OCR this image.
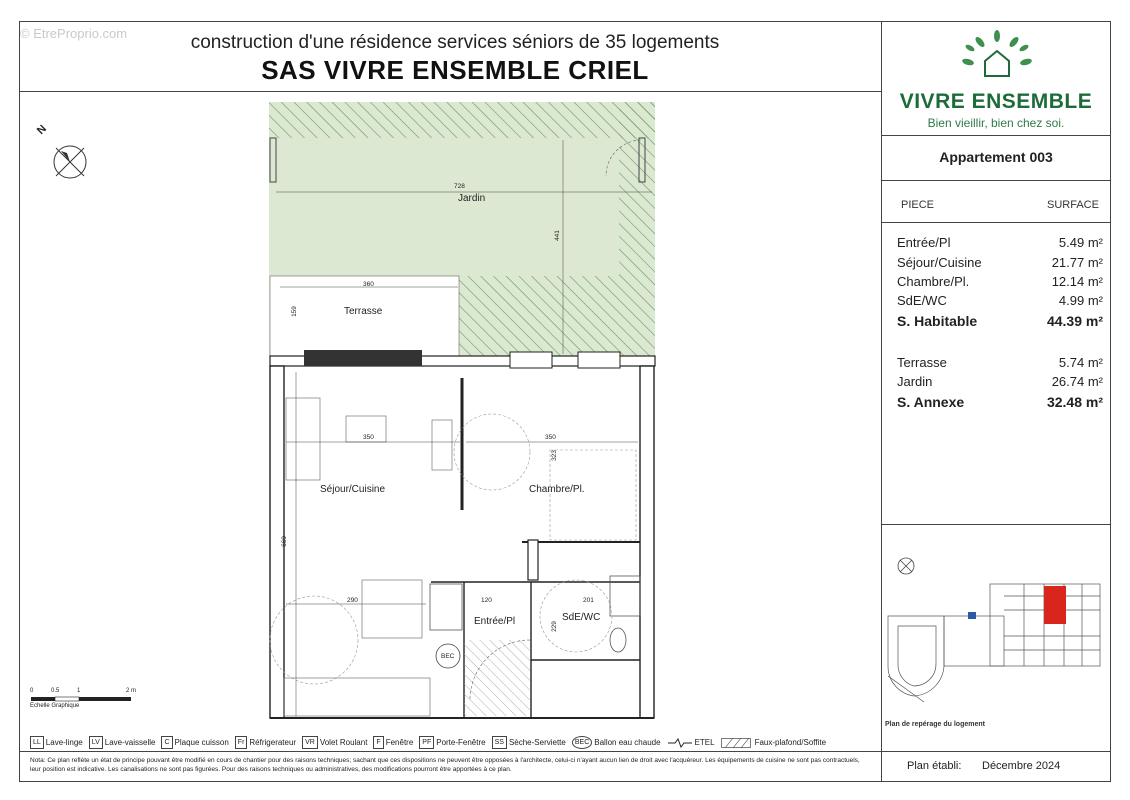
© EtreProprio.com	construction d'une résidence services séniors de 35 logements
SAS VIVRE ENSEMBLE CRIEL
VIVRE ENSEMBLE
Bien vieillir, bien chez soi.
Appartement 003
PIECE	SURFACE
Entrée/Pl	5.49 m²
Séjour/Cuisine	21.77 m²
Chambre/Pl.	12.14 m²
SdE/WC	4.99 m²
S. Habitable	44.39 m²
Terrasse	5.74 m²
Jardin	26.74 m²
S. Annexe	32.48 m²
N
Jardin
Terrasse
Séjour/Cuisine	Chambre/Pl.
Entrée/Pl	SdE/WC
BEC
728
441
360
159
350	350
323
660
290	120	201
229
0	0.5	1	2 m
Echelle Graphique
Plan de repérage du logement
LL Lave-linge	LV Lave-vaisselle	C Plaque cuisson	Fr Réfrigerateur	VR Volet Roulant	F Fenêtre	PF Porte-Fenêtre	SS Sèche-Serviette	BEC Ballon eau chaude	ETEL	Faux-plafond/Soffite
Nota: Ce plan reflète un état de principe pouvant être modifié en cours de chantier pour des raisons techniques; sachant que ces dispositions ne peuvent être opposées à l'architecte, celui-ci n'ayant aucun lien de droit avec l'acquéreur. Les équipements de cuisine ne sont pas contractuels, leur position est indicative. Les canalisations ne sont pas figurées. Pour des raisons techniques ou administratives, des modifications pourront être apportées à ce plan.	Plan établi: Décembre 2024
